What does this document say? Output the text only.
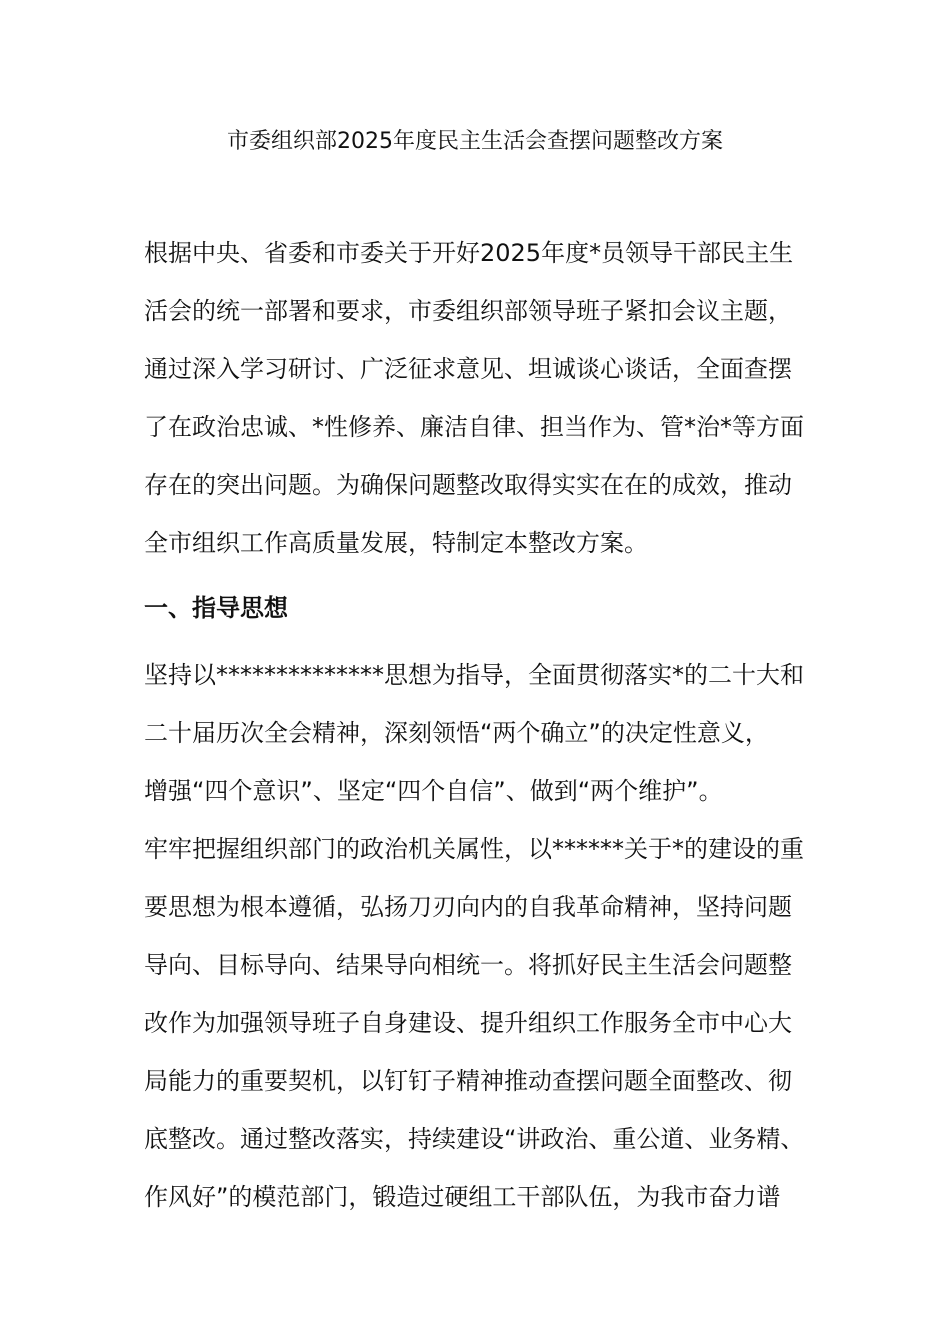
市委组织部2025年度民主生活会查摆问题整改方案
根据中央、省委和市委关于开好2025年度*员领导干部民主生
活会的统一部署和要求，市委组织部领导班子紧扣会议主题，
通过深入学习研讨、广泛征求意见、坦诚谈心谈话，全面查摆
了在政治忠诚、*性修养、廉洁自律、担当作为、管*治*等方面
存在的突出问题。为确保问题整改取得实实在在的成效，推动
全市组织工作高质量发展，特制定本整改方案。
一、指导思想
坚持以**************思想为指导，全面贯彻落实*的二十大和
二十届历次全会精神，深刻领悟“两个确立”的决定性意义，
增强“四个意识”、坚定“四个自信”、做到“两个维护”。
牢牢把握组织部门的政治机关属性，以******关于*的建设的重
要思想为根本遵循，弘扬刀刃向内的自我革命精神，坚持问题
导向、目标导向、结果导向相统一。将抓好民主生活会问题整
改作为加强领导班子自身建设、提升组织工作服务全市中心大
局能力的重要契机，以钉钉子精神推动查摆问题全面整改、彻
底整改。通过整改落实，持续建设“讲政治、重公道、业务精、
作风好”的模范部门，锻造过硬组工干部队伍，为我市奋力谱
